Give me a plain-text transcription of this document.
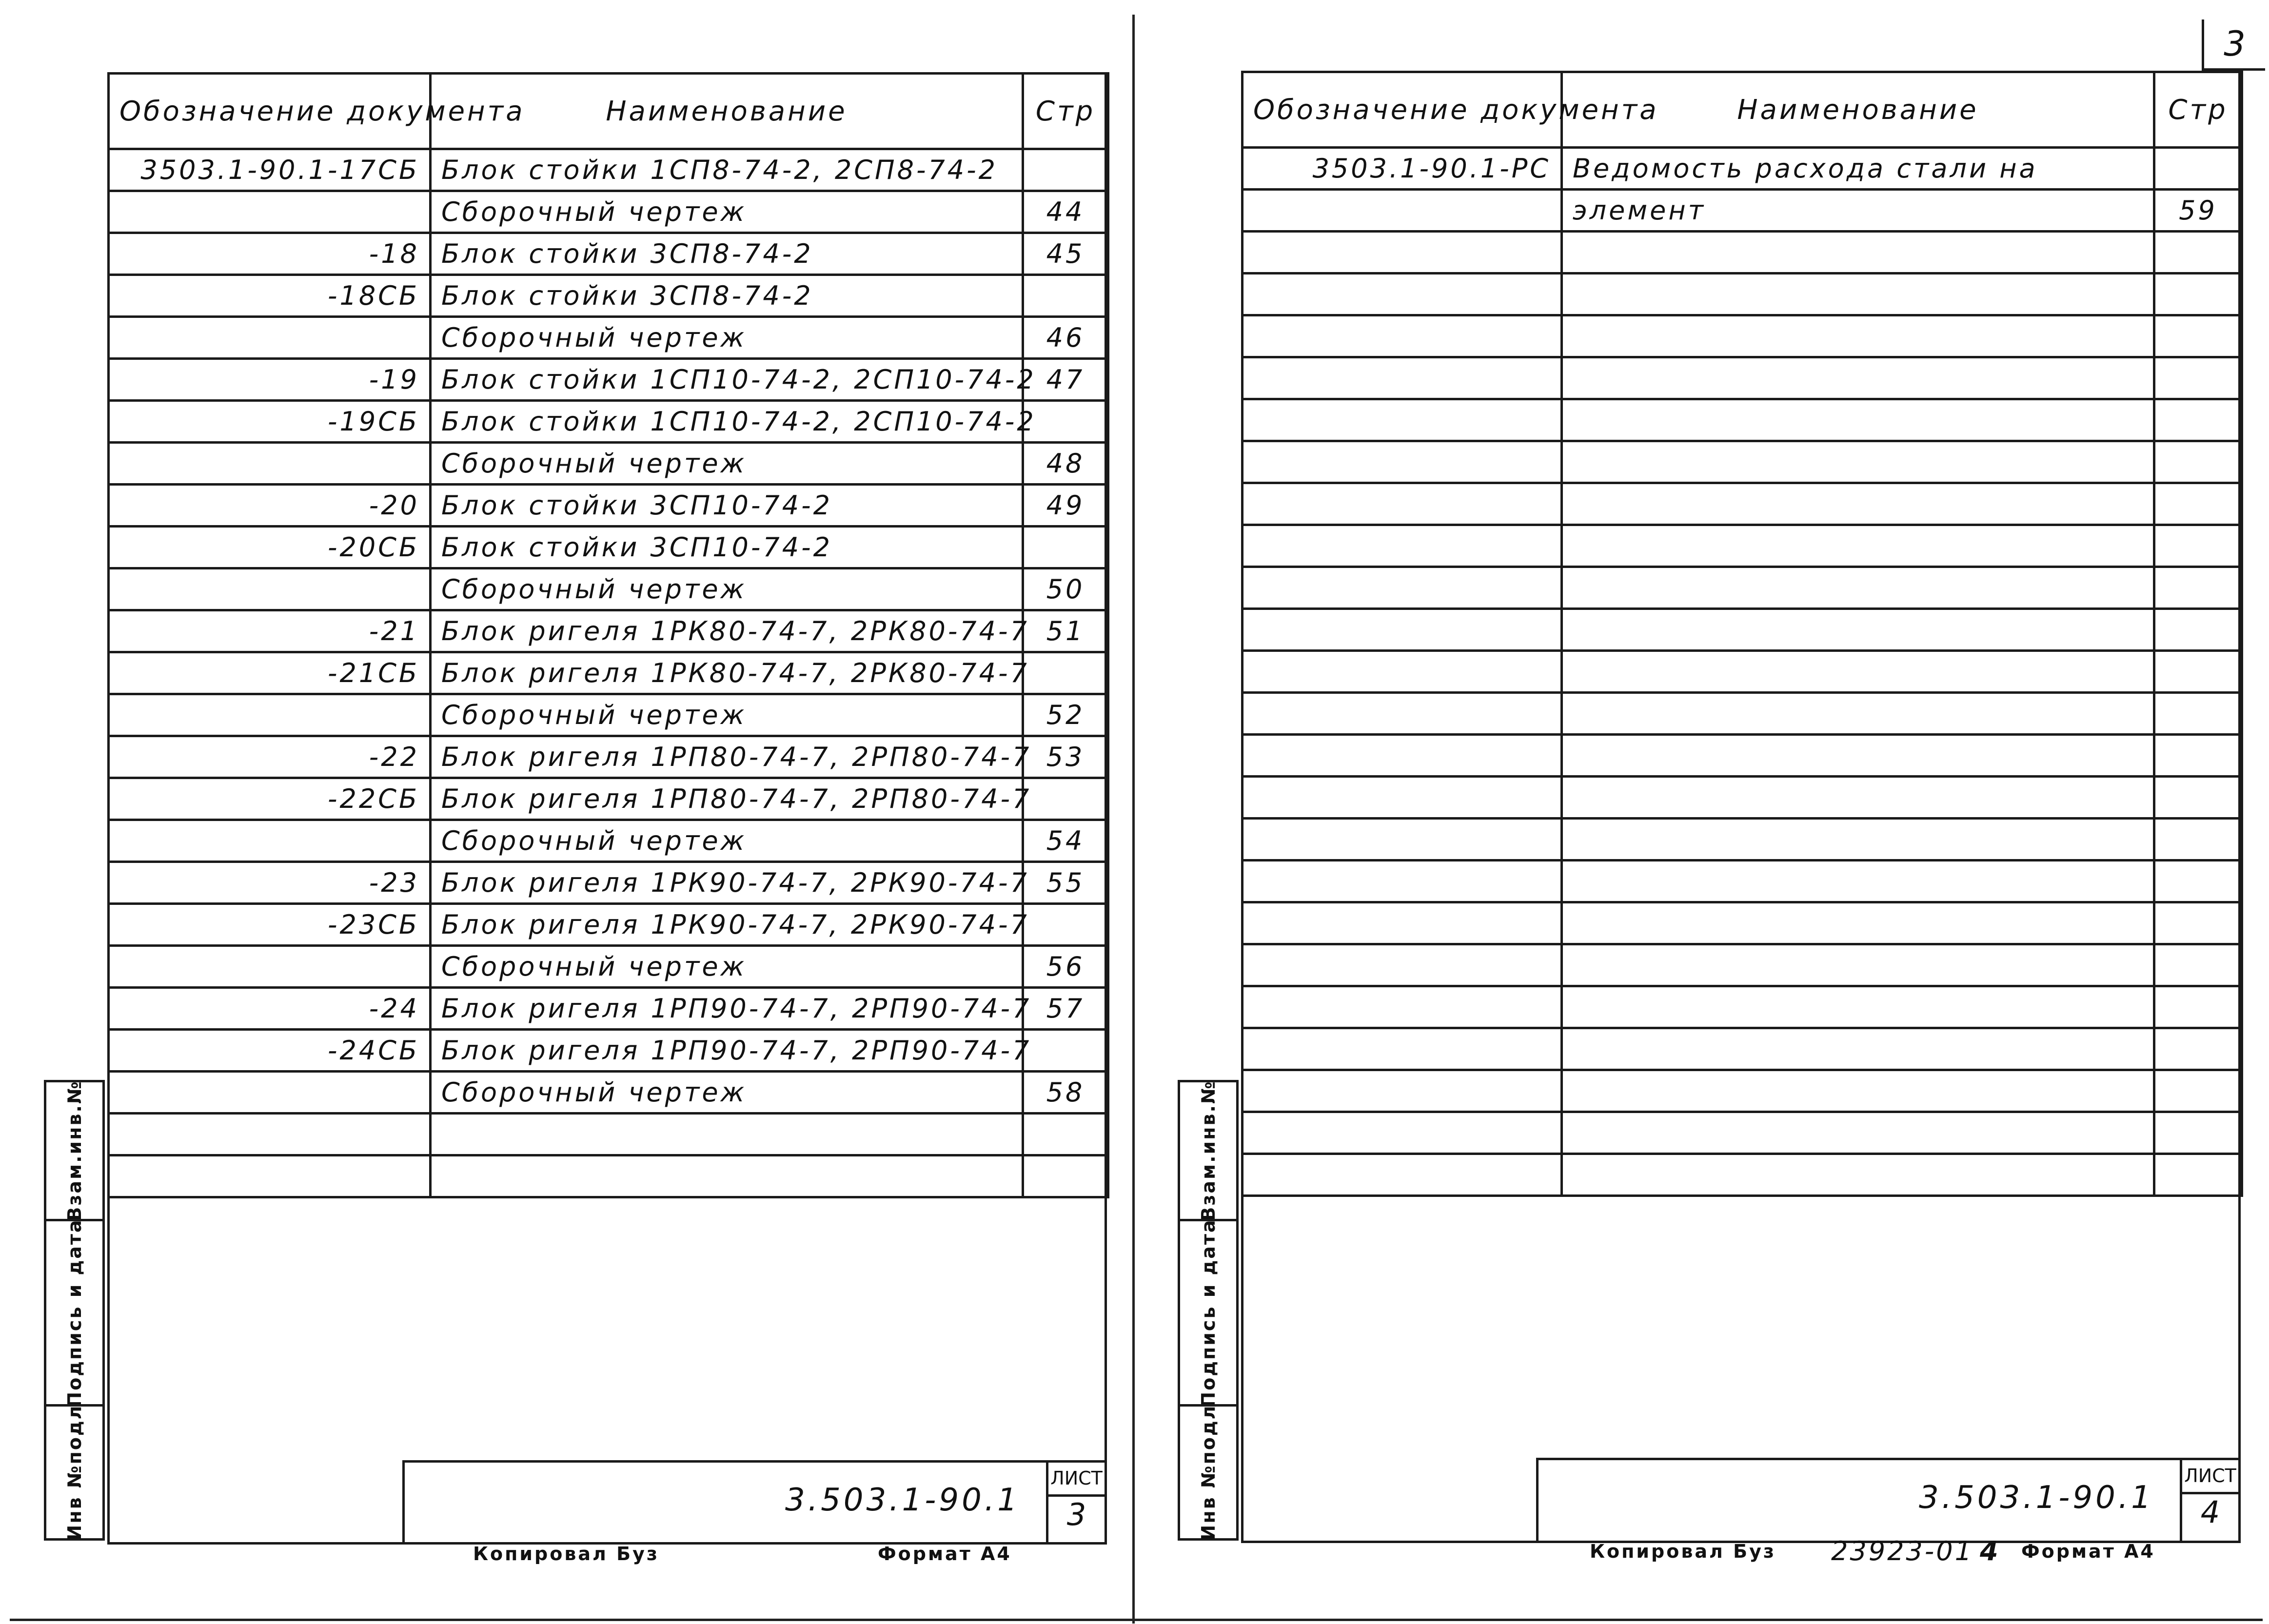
Обозначение документа	Наименование	Стр
3503.1-90.1-17СБ	Блок стойки 1СП8-74-2, 2СП8-74-2	
	Сборочный чертеж	44
-18	Блок стойки 3СП8-74-2	45
-18СБ	Блок стойки 3СП8-74-2	
	Сборочный чертеж	46
-19	Блок стойки 1СП10-74-2, 2СП10-74-2	47
-19СБ	Блок стойки 1СП10-74-2, 2СП10-74-2	
	Сборочный чертеж	48
-20	Блок стойки 3СП10-74-2	49
-20СБ	Блок стойки 3СП10-74-2	
	Сборочный чертеж	50
-21	Блок ригеля 1РК80-74-7, 2РК80-74-7	51
-21СБ	Блок ригеля 1РК80-74-7, 2РК80-74-7	
	Сборочный чертеж	52
-22	Блок ригеля 1РП80-74-7, 2РП80-74-7	53
-22СБ	Блок ригеля 1РП80-74-7, 2РП80-74-7	
	Сборочный чертеж	54
-23	Блок ригеля 1РК90-74-7, 2РК90-74-7	55
-23СБ	Блок ригеля 1РК90-74-7, 2РК90-74-7	
	Сборочный чертеж	56
-24	Блок ригеля 1РП90-74-7, 2РП90-74-7	57
-24СБ	Блок ригеля 1РП90-74-7, 2РП90-74-7	
	Сборочный чертеж	58

3.503.1-90.1
ЛИСТ
3
Взам.инв.№
Подпись и дата
Инв №подл
Копировал Буз	Формат А4
3
Обозначение документа	Наименование	Стр
3503.1-90.1-РС	Ведомость расхода стали на	
	элемент	59

3.503.1-90.1
ЛИСТ
4
Взам.инв.№
Подпись и дата
Инв №подл
Копировал Буз 23923-01 4 Формат А4
